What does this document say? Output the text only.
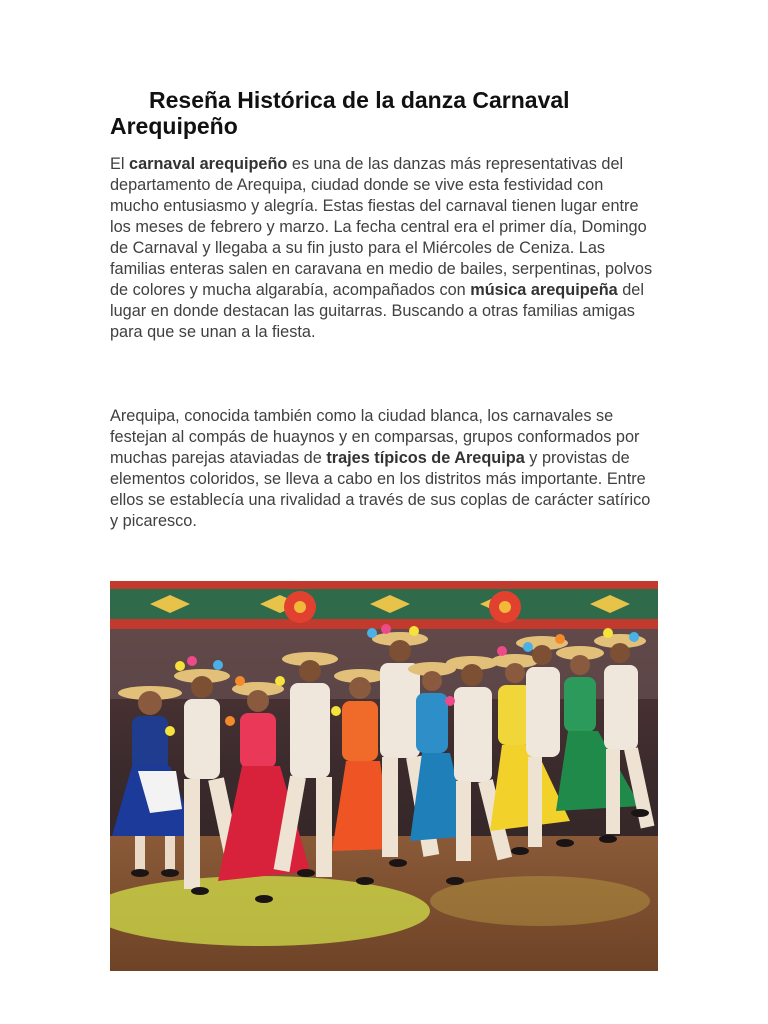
Reseña Histórica de la danza Carnaval Arequipeño

El carnaval arequipeño es una de las danzas más representativas del departamento de Arequipa, ciudad donde se vive esta festividad con mucho entusiasmo y alegría. Estas fiestas del carnaval tienen lugar entre los meses de febrero y marzo. La fecha central era el primer día, Domingo de Carnaval y llegaba a su fin justo para el Miércoles de Ceniza. Las familias enteras salen en caravana en medio de bailes, serpentinas, polvos de colores y mucha algarabía, acompañados con música arequipeña del lugar en donde destacan las guitarras. Buscando a otras familias amigas para que se unan a la fiesta.

Arequipa, conocida también como la ciudad blanca, los carnavales se festejan al compás de huaynos y en comparsas, grupos conformados por muchas parejas ataviadas de trajes típicos de Arequipa y provistas de elementos coloridos, se lleva a cabo en los distritos más importante. Entre ellos se establecía una rivalidad a través de sus coplas de carácter satírico y picaresco.
